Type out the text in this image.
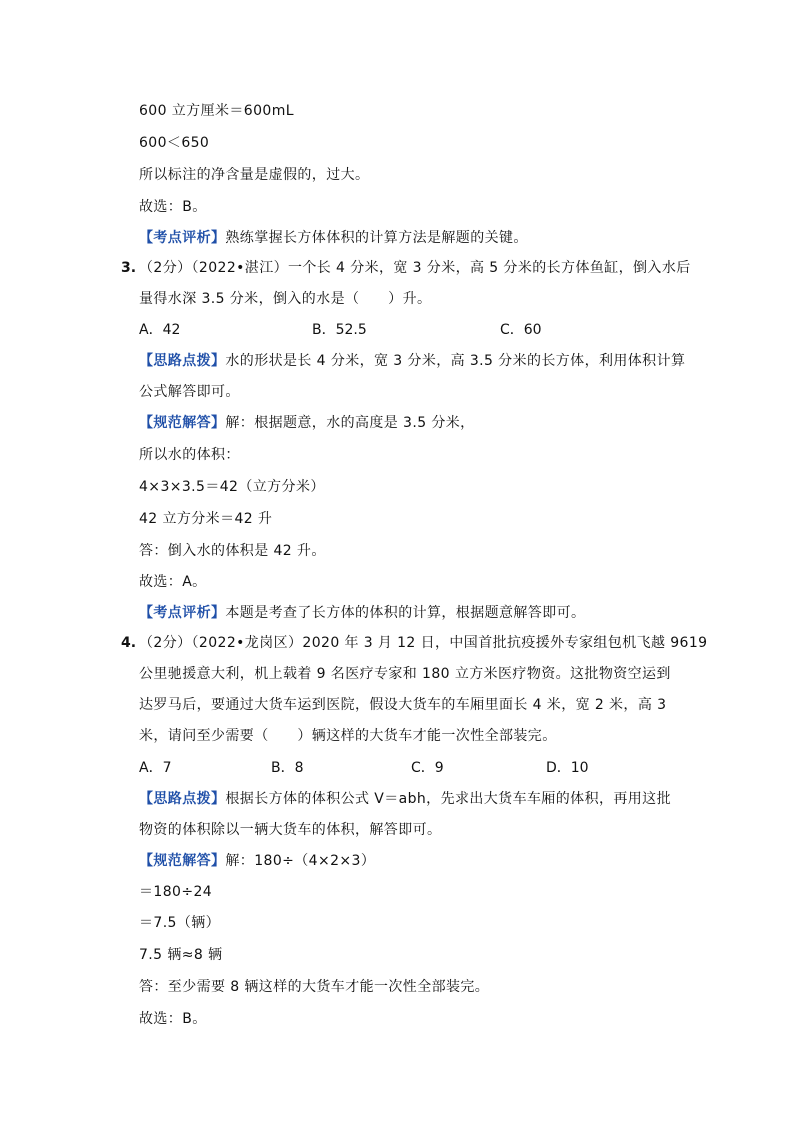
600 立方厘米＝600mL
600＜650
所以标注的净含量是虚假的，过大。
故选：B。
【考点评析】熟练掌握长方体体积的计算方法是解题的关键。
3. （2分）（2022•湛江）一个长 4 分米，宽 3 分米，高 5 分米的长方体鱼缸，倒入水后
量得水深 3.5 分米，倒入的水是（　　）升。
A．42	B．52.5	C．60
【思路点拨】水的形状是长 4 分米，宽 3 分米，高 3.5 分米的长方体，利用体积计算
公式解答即可。
【规范解答】解：根据题意，水的高度是 3.5 分米，
所以水的体积：
4×3×3.5＝42（立方分米）
42 立方分米＝42 升
答：倒入水的体积是 42 升。
故选：A。
【考点评析】本题是考查了长方体的体积的计算，根据题意解答即可。
4. （2分）（2022•龙岗区）2020 年 3 月 12 日，中国首批抗疫援外专家组包机飞越 9619
公里驰援意大利，机上载着 9 名医疗专家和 180 立方米医疗物资。这批物资空运到
达罗马后，要通过大货车运到医院，假设大货车的车厢里面长 4 米，宽 2 米，高 3
米，请问至少需要（　　）辆这样的大货车才能一次性全部装完。
A．7	B．8	C．9	D．10
【思路点拨】根据长方体的体积公式 V＝abh，先求出大货车车厢的体积，再用这批
物资的体积除以一辆大货车的体积，解答即可。
【规范解答】解：180÷（4×2×3）
＝180÷24
＝7.5（辆）
7.5 辆≈8 辆
答：至少需要 8 辆这样的大货车才能一次性全部装完。
故选：B。
